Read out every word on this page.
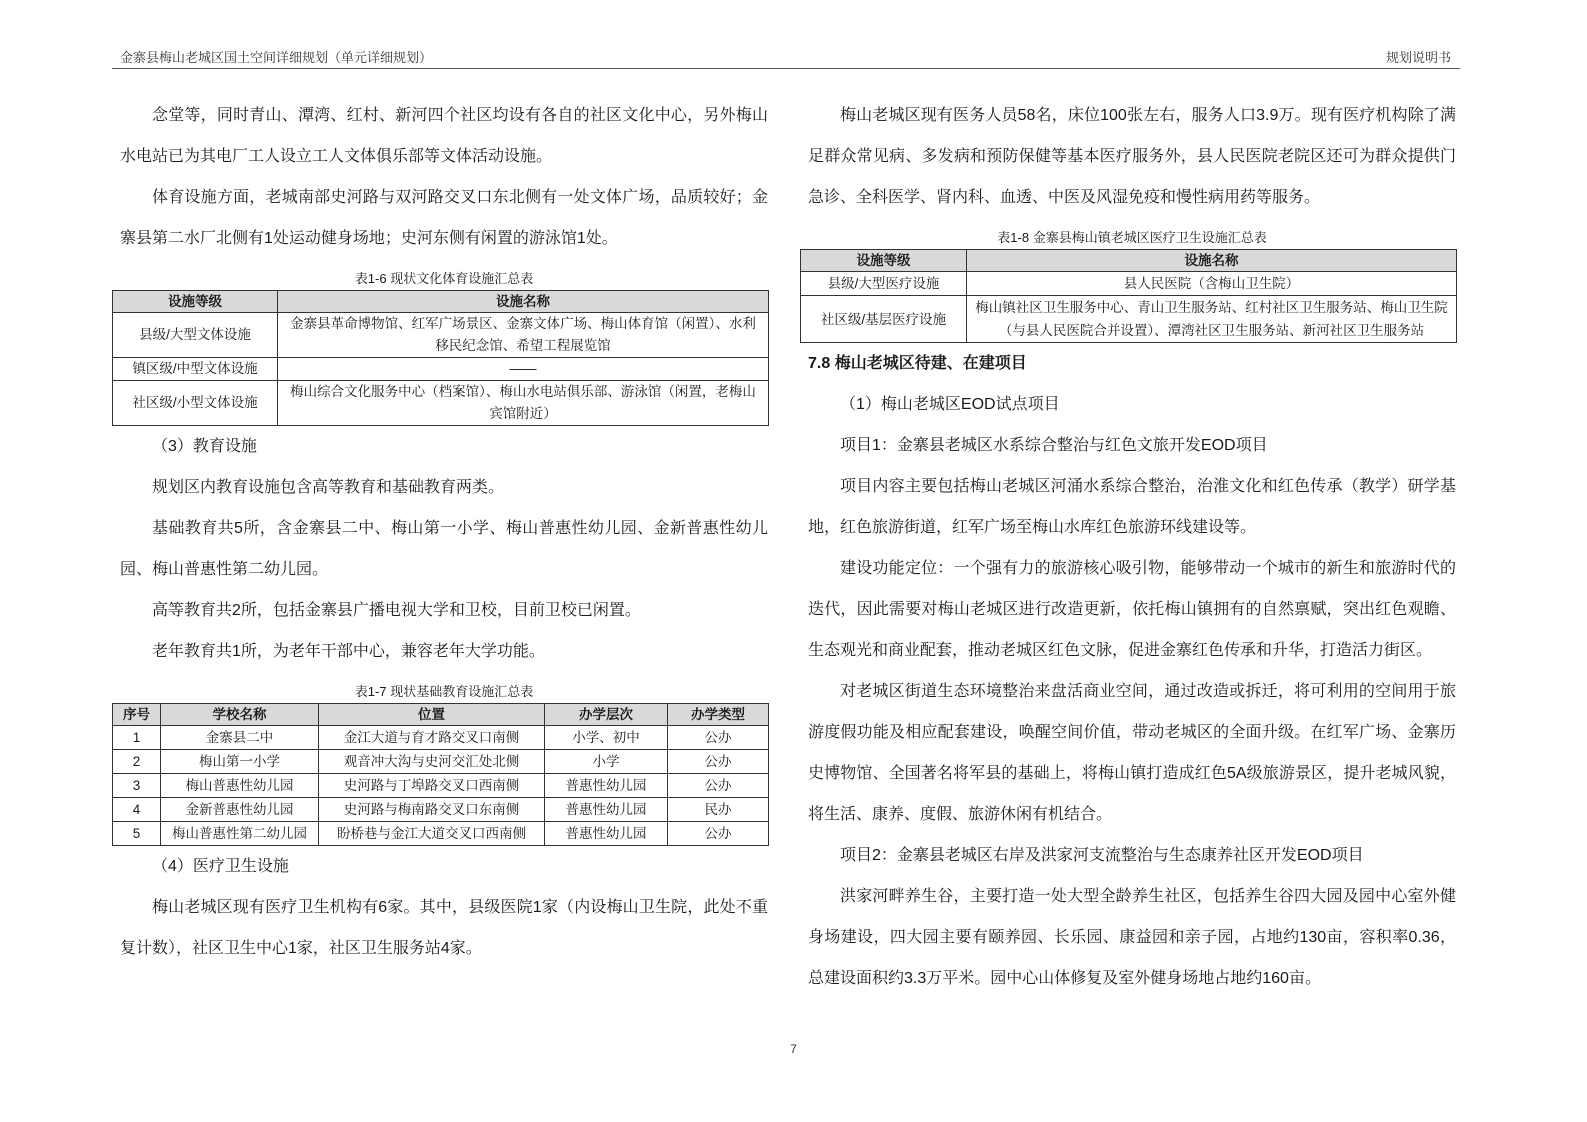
金寨县梅山老城区国土空间详细规划（单元详细规划）	规划说明书

念堂等，同时青山、潭湾、红村、新河四个社区均设有各自的社区文化中心，另外梅山水电站已为其电厂工人设立工人文体俱乐部等文体活动设施。

体育设施方面，老城南部史河路与双河路交叉口东北侧有一处文体广场，品质较好；金寨县第二水厂北侧有1处运动健身场地；史河东侧有闲置的游泳馆1处。

表1-6 现状文化体育设施汇总表
设施等级	设施名称
县级/大型文体设施	金寨县革命博物馆、红军广场景区、金寨文体广场、梅山体育馆（闲置）、水利移民纪念馆、希望工程展览馆
镇区级/中型文体设施	——
社区级/小型文体设施	梅山综合文化服务中心（档案馆）、梅山水电站俱乐部、游泳馆（闲置，老梅山宾馆附近）

（3）教育设施

规划区内教育设施包含高等教育和基础教育两类。

基础教育共5所，含金寨县二中、梅山第一小学、梅山普惠性幼儿园、金新普惠性幼儿园、梅山普惠性第二幼儿园。

高等教育共2所，包括金寨县广播电视大学和卫校，目前卫校已闲置。

老年教育共1所，为老年干部中心，兼容老年大学功能。

表1-7 现状基础教育设施汇总表
序号	学校名称	位置	办学层次	办学类型
1	金寨县二中	金江大道与育才路交叉口南侧	小学、初中	公办
2	梅山第一小学	观音冲大沟与史河交汇处北侧	小学	公办
3	梅山普惠性幼儿园	史河路与丁埠路交叉口西南侧	普惠性幼儿园	公办
4	金新普惠性幼儿园	史河路与梅南路交叉口东南侧	普惠性幼儿园	民办
5	梅山普惠性第二幼儿园	盼桥巷与金江大道交叉口西南侧	普惠性幼儿园	公办

（4）医疗卫生设施

梅山老城区现有医疗卫生机构有6家。其中，县级医院1家（内设梅山卫生院，此处不重复计数），社区卫生中心1家，社区卫生服务站4家。

梅山老城区现有医务人员58名，床位100张左右，服务人口3.9万。现有医疗机构除了满足群众常见病、多发病和预防保健等基本医疗服务外，县人民医院老院区还可为群众提供门急诊、全科医学、肾内科、血透、中医及风湿免疫和慢性病用药等服务。

表1-8 金寨县梅山镇老城区医疗卫生设施汇总表
设施等级	设施名称
县级/大型医疗设施	县人民医院（含梅山卫生院）
社区级/基层医疗设施	梅山镇社区卫生服务中心、青山卫生服务站、红村社区卫生服务站、梅山卫生院（与县人民医院合并设置）、潭湾社区卫生服务站、新河社区卫生服务站
7.8 梅山老城区待建、在建项目

（1）梅山老城区EOD试点项目

项目1：金寨县老城区水系综合整治与红色文旅开发EOD项目

项目内容主要包括梅山老城区河涌水系综合整治，治淮文化和红色传承（教学）研学基地，红色旅游街道，红军广场至梅山水库红色旅游环线建设等。

建设功能定位：一个强有力的旅游核心吸引物，能够带动一个城市的新生和旅游时代的迭代，因此需要对梅山老城区进行改造更新，依托梅山镇拥有的自然禀赋，突出红色观瞻、生态观光和商业配套，推动老城区红色文脉，促进金寨红色传承和升华，打造活力街区。

对老城区街道生态环境整治来盘活商业空间，通过改造或拆迁，将可利用的空间用于旅游度假功能及相应配套建设，唤醒空间价值，带动老城区的全面升级。在红军广场、金寨历史博物馆、全国著名将军县的基础上，将梅山镇打造成红色5A级旅游景区，提升老城风貌，将生活、康养、度假、旅游休闲有机结合。

项目2：金寨县老城区右岸及洪家河支流整治与生态康养社区开发EOD项目

洪家河畔养生谷，主要打造一处大型全龄养生社区，包括养生谷四大园及园中心室外健身场建设，四大园主要有颐养园、长乐园、康益园和亲子园，占地约130亩，容积率0.36，总建设面积约3.3万平米。园中心山体修复及室外健身场地占地约160亩。

7
